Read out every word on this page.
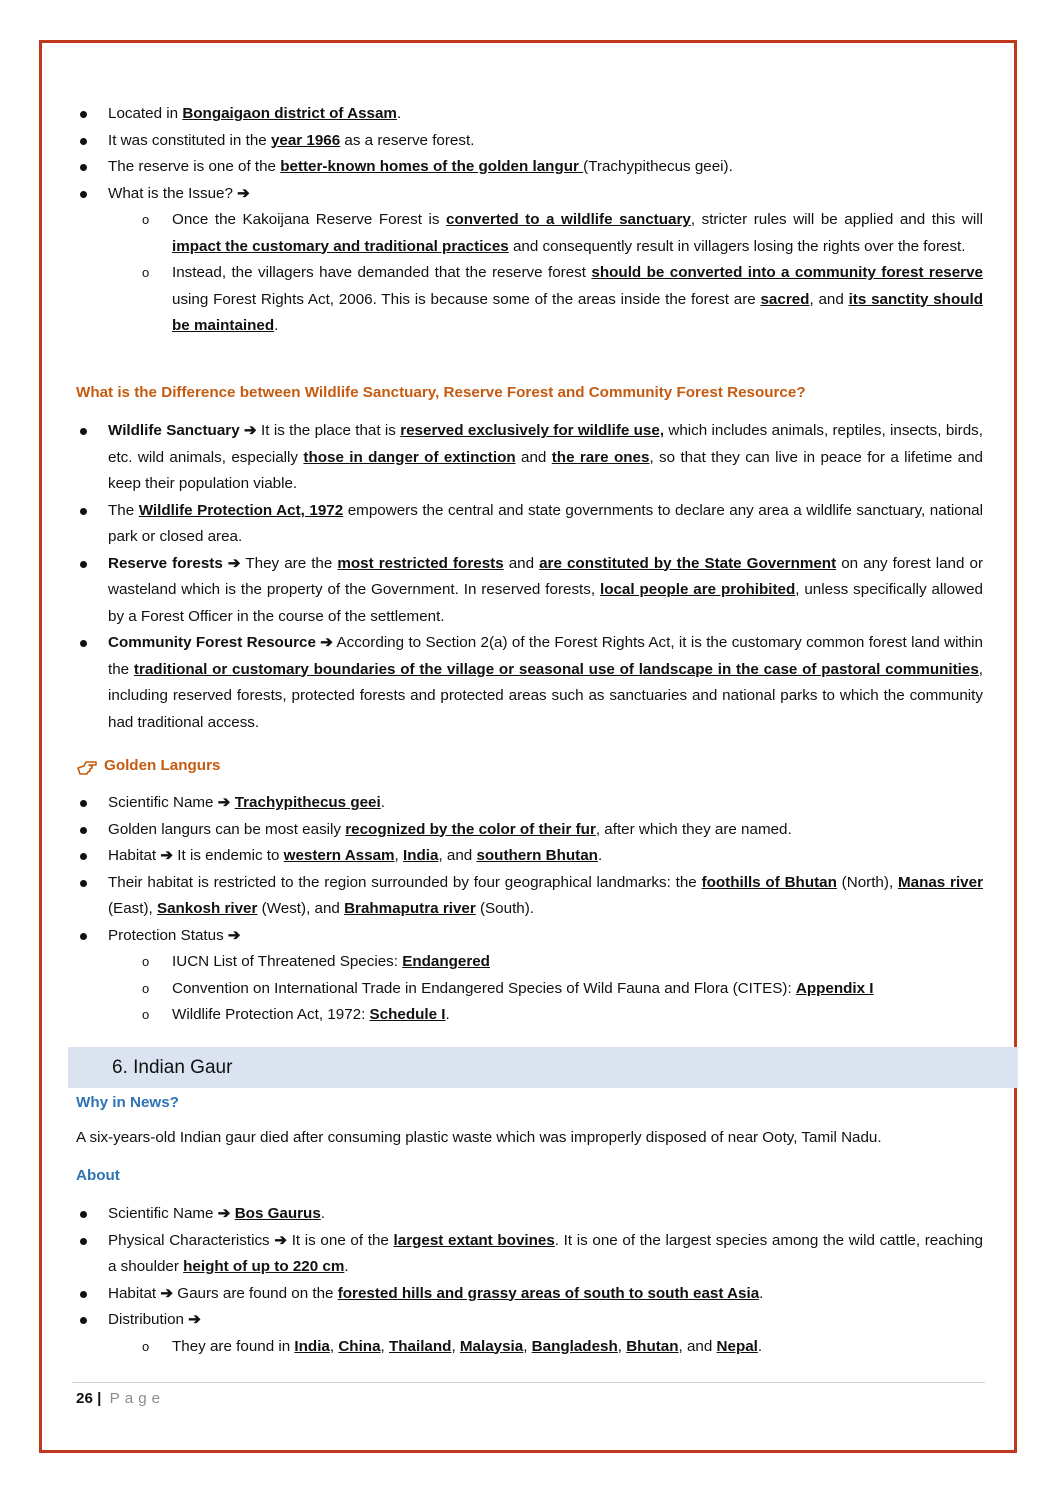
Located in Bongaigaon district of Assam.
It was constituted in the year 1966 as a reserve forest.
The reserve is one of the better-known homes of the golden langur (Trachypithecus geei).
What is the Issue? ➔
o Once the Kakoijana Reserve Forest is converted to a wildlife sanctuary, stricter rules will be applied and this will impact the customary and traditional practices and consequently result in villagers losing the rights over the forest.
o Instead, the villagers have demanded that the reserve forest should be converted into a community forest reserve using Forest Rights Act, 2006. This is because some of the areas inside the forest are sacred, and its sanctity should be maintained.
What is the Difference between Wildlife Sanctuary, Reserve Forest and Community Forest Resource?
Wildlife Sanctuary ➔ It is the place that is reserved exclusively for wildlife use, which includes animals, reptiles, insects, birds, etc. wild animals, especially those in danger of extinction and the rare ones, so that they can live in peace for a lifetime and keep their population viable.
The Wildlife Protection Act, 1972 empowers the central and state governments to declare any area a wildlife sanctuary, national park or closed area.
Reserve forests ➔ They are the most restricted forests and are constituted by the State Government on any forest land or wasteland which is the property of the Government. In reserved forests, local people are prohibited, unless specifically allowed by a Forest Officer in the course of the settlement.
Community Forest Resource ➔ According to Section 2(a) of the Forest Rights Act, it is the customary common forest land within the traditional or customary boundaries of the village or seasonal use of landscape in the case of pastoral communities, including reserved forests, protected forests and protected areas such as sanctuaries and national parks to which the community had traditional access.
Golden Langurs
Scientific Name ➔ Trachypithecus geei.
Golden langurs can be most easily recognized by the color of their fur, after which they are named.
Habitat ➔ It is endemic to western Assam, India, and southern Bhutan.
Their habitat is restricted to the region surrounded by four geographical landmarks: the foothills of Bhutan (North), Manas river (East), Sankosh river (West), and Brahmaputra river (South).
Protection Status ➔
o IUCN List of Threatened Species: Endangered
o Convention on International Trade in Endangered Species of Wild Fauna and Flora (CITES): Appendix I
o Wildlife Protection Act, 1972: Schedule I.
6. Indian Gaur
Why in News?
A six-years-old Indian gaur died after consuming plastic waste which was improperly disposed of near Ooty, Tamil Nadu.
About
Scientific Name ➔ Bos Gaurus.
Physical Characteristics ➔ It is one of the largest extant bovines. It is one of the largest species among the wild cattle, reaching a shoulder height of up to 220 cm.
Habitat ➔ Gaurs are found on the forested hills and grassy areas of south to south east Asia.
Distribution ➔
o They are found in India, China, Thailand, Malaysia, Bangladesh, Bhutan, and Nepal.
26 | Page
